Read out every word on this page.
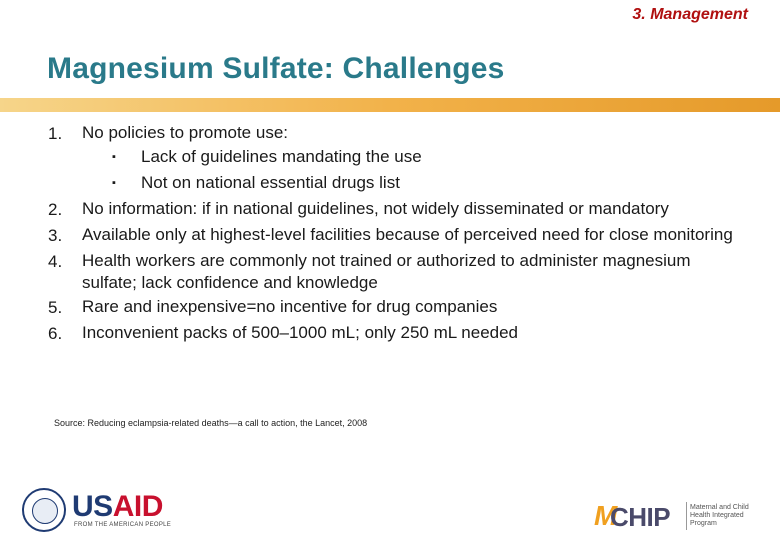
3. Management
Magnesium Sulfate: Challenges
1.	No policies to promote use:
▪	Lack of guidelines mandating the use
▪	Not on national essential drugs list
2.	No information: if in national guidelines, not widely disseminated or mandatory
3.	Available only at highest-level facilities because of perceived need for close monitoring
4.	Health workers are commonly not trained or authorized to administer magnesium sulfate; lack confidence and knowledge
5.	Rare and inexpensive=no incentive for drug companies
6.	Inconvenient packs of 500–1000 mL; only 250 mL needed
Source: Reducing eclampsia-related deaths—a call to action, the Lancet, 2008
USAID
FROM THE AMERICAN PEOPLE	M
CHIP	Maternal and Child Health Integrated Program
